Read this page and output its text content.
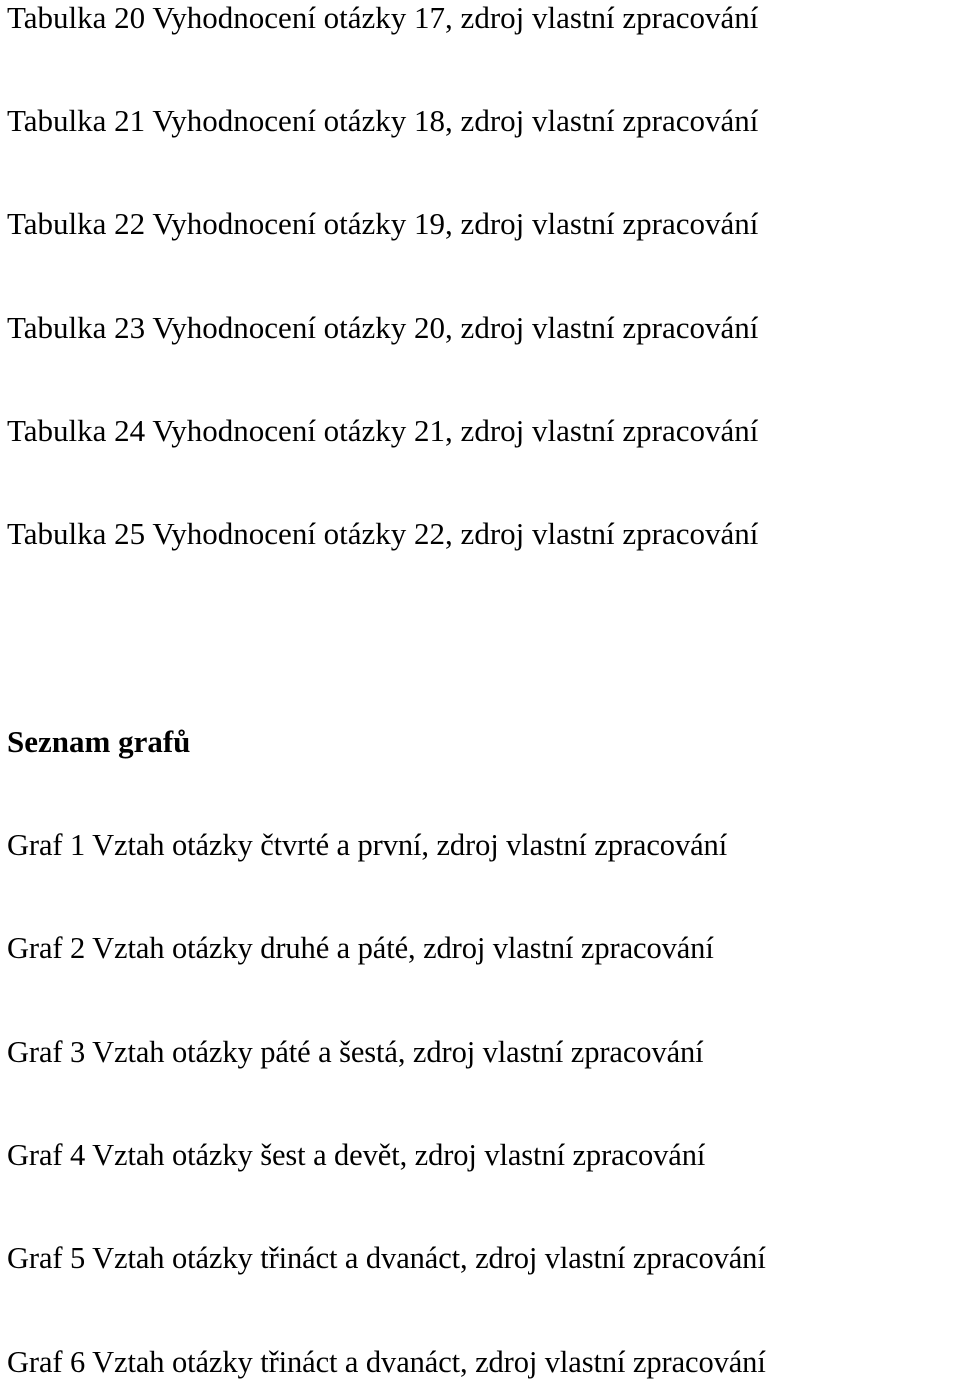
Tabulka 20 Vyhodnocení otázky 17, zdroj vlastní zpracování
Tabulka 21 Vyhodnocení otázky 18, zdroj vlastní zpracování
Tabulka 22 Vyhodnocení otázky 19, zdroj vlastní zpracování
Tabulka 23 Vyhodnocení otázky 20, zdroj vlastní zpracování
Tabulka 24 Vyhodnocení otázky 21, zdroj vlastní zpracování
Tabulka 25 Vyhodnocení otázky 22, zdroj vlastní zpracování
Seznam grafů
Graf 1 Vztah otázky čtvrté a první, zdroj vlastní zpracování
Graf 2 Vztah otázky druhé a páté, zdroj vlastní zpracování
Graf 3 Vztah otázky páté a šestá, zdroj vlastní zpracování
Graf 4 Vztah otázky šest a devět, zdroj vlastní zpracování
Graf 5 Vztah otázky třináct a dvanáct, zdroj vlastní zpracování
Graf 6 Vztah otázky třináct a dvanáct, zdroj vlastní zpracování
